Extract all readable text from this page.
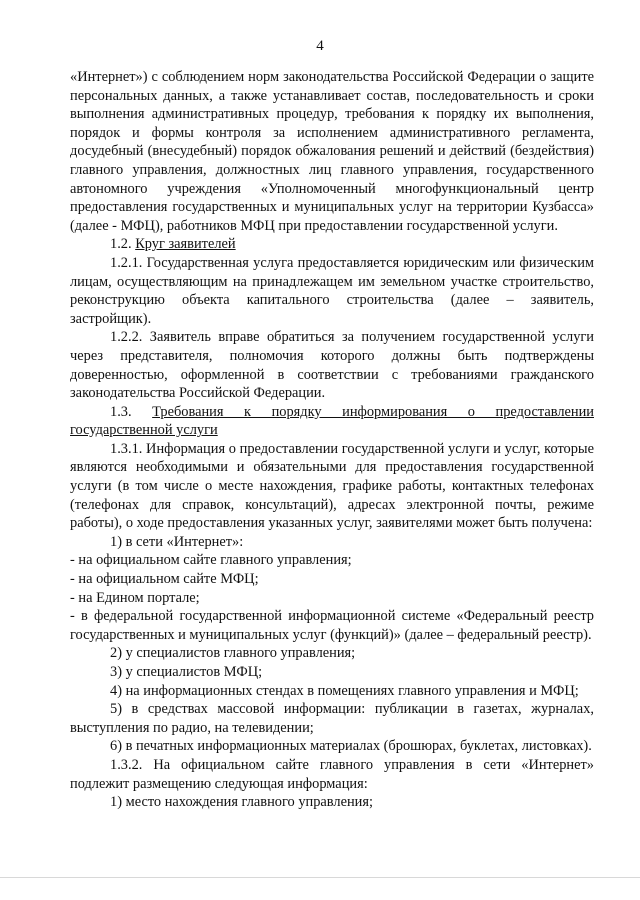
4

«Интернет») с соблюдением норм законодательства Российской Федерации о защите персональных данных, а также устанавливает состав, последовательность и сроки выполнения административных процедур, требования к порядку их выполнения, порядок и формы контроля за исполнением административного регламента, досудебный (внесудебный) порядок обжалования решений и действий (бездействия) главного управления, должностных лиц главного управления, государственного автономного учреждения «Уполномоченный многофункциональный центр предоставления государственных и муниципальных услуг на территории Кузбасса» (далее - МФЦ), работников МФЦ при предоставлении государственной услуги.

1.2. Круг заявителей

1.2.1. Государственная услуга предоставляется юридическим или физическим лицам, осуществляющим на принадлежащем им земельном участке строительство, реконструкцию объекта капитального строительства (далее – заявитель, застройщик).

1.2.2. Заявитель вправе обратиться за получением государственной услуги через представителя, полномочия которого должны быть подтверждены доверенностью, оформленной в соответствии с требованиями гражданского законодательства Российской Федерации.

1.3. Требования к порядку информирования о предоставлении государственной услуги

1.3.1. Информация о предоставлении государственной услуги и услуг, которые являются необходимыми и обязательными для предоставления государственной услуги (в том числе о месте нахождения, графике работы, контактных телефонах (телефонах для справок, консультаций), адресах электронной почты, режиме работы), о ходе предоставления указанных услуг, заявителями может быть получена:

1) в сети «Интернет»:

- на официальном сайте главного управления;

- на официальном сайте МФЦ;

- на Едином портале;

- в федеральной государственной информационной системе «Федеральный реестр государственных и муниципальных услуг (функций)» (далее – федеральный реестр).

2) у специалистов главного управления;

3) у специалистов МФЦ;

4) на информационных стендах в помещениях главного управления и МФЦ;

5) в средствах массовой информации: публикации в газетах, журналах, выступления по радио, на телевидении;

6) в печатных информационных материалах (брошюрах, буклетах, листовках).

1.3.2. На официальном сайте главного управления в сети «Интернет» подлежит размещению следующая информация:

1) место нахождения главного управления;
